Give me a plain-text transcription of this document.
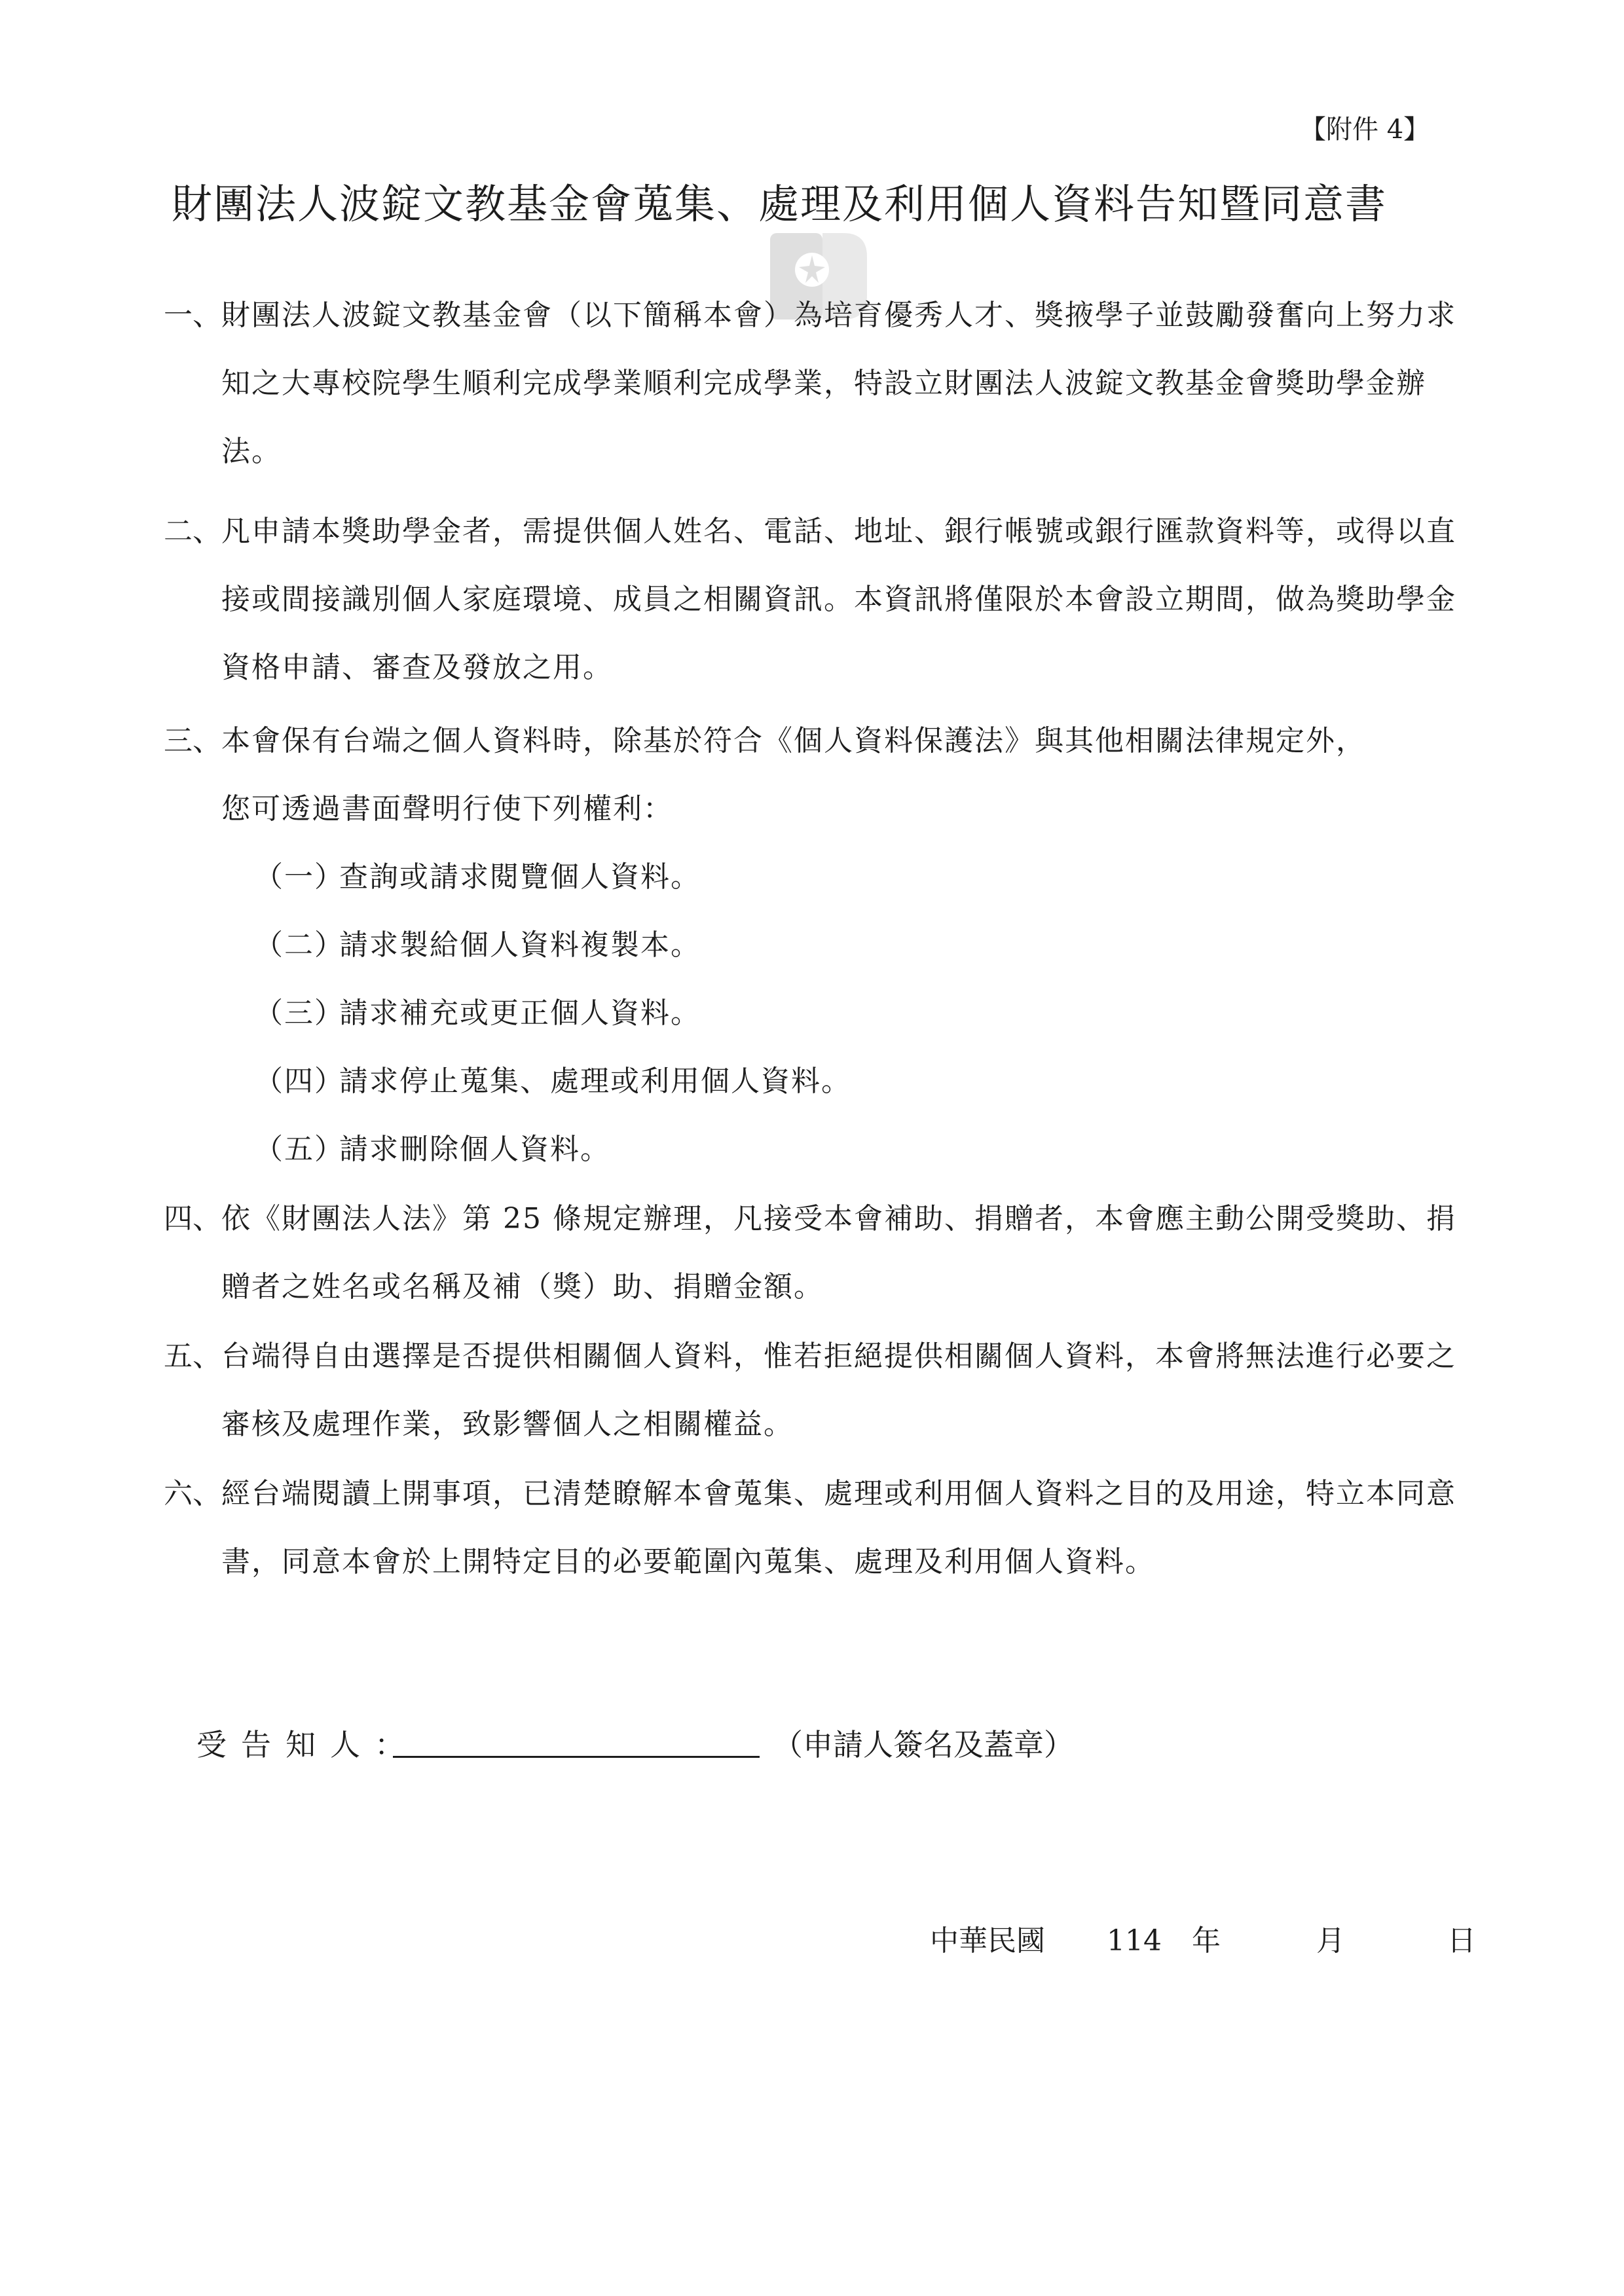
【附件 4】
財團法人波錠文教基金會蒐集、處理及利用個人資料告知暨同意書
一、 財團法人波錠文教基金會（以下簡稱本會）為培育優秀人才、獎掖學子並鼓勵發奮向上努力求知之大專校院學生順利完成學業順利完成學業，特設立財團法人波錠文教基金會獎助學金辦法。

二、 凡申請本獎助學金者，需提供個人姓名、電話、地址、銀行帳號或銀行匯款資料等，或得以直接或間接識別個人家庭環境、成員之相關資訊。本資訊將僅限於本會設立期間，做為獎助學金資格申請、審查及發放之用。

三、 本會保有台端之個人資料時，除基於符合《個人資料保護法》與其他相關法律規定外，

您可透過書面聲明行使下列權利：

（一）查詢或請求閱覽個人資料。
（二）請求製給個人資料複製本。
（三）請求補充或更正個人資料。
（四）請求停止蒐集、處理或利用個人資料。
（五）請求刪除個人資料。
四、 依《財團法人法》第 25 條規定辦理，凡接受本會補助、捐贈者，本會應主動公開受獎助、捐贈者之姓名或名稱及補（獎）助、捐贈金額。

五、 台端得自由選擇是否提供相關個人資料，惟若拒絕提供相關個人資料，本會將無法進行必要之審核及處理作業，致影響個人之相關權益。

六、 經台端閱讀上開事項，已清楚瞭解本會蒐集、處理或利用個人資料之目的及用途，特立本同意書，同意本會於上開特定目的必要範圍內蒐集、處理及利用個人資料。

受告知人：	（申請人簽名及蓋章）
中華民國 114 年	月	日
